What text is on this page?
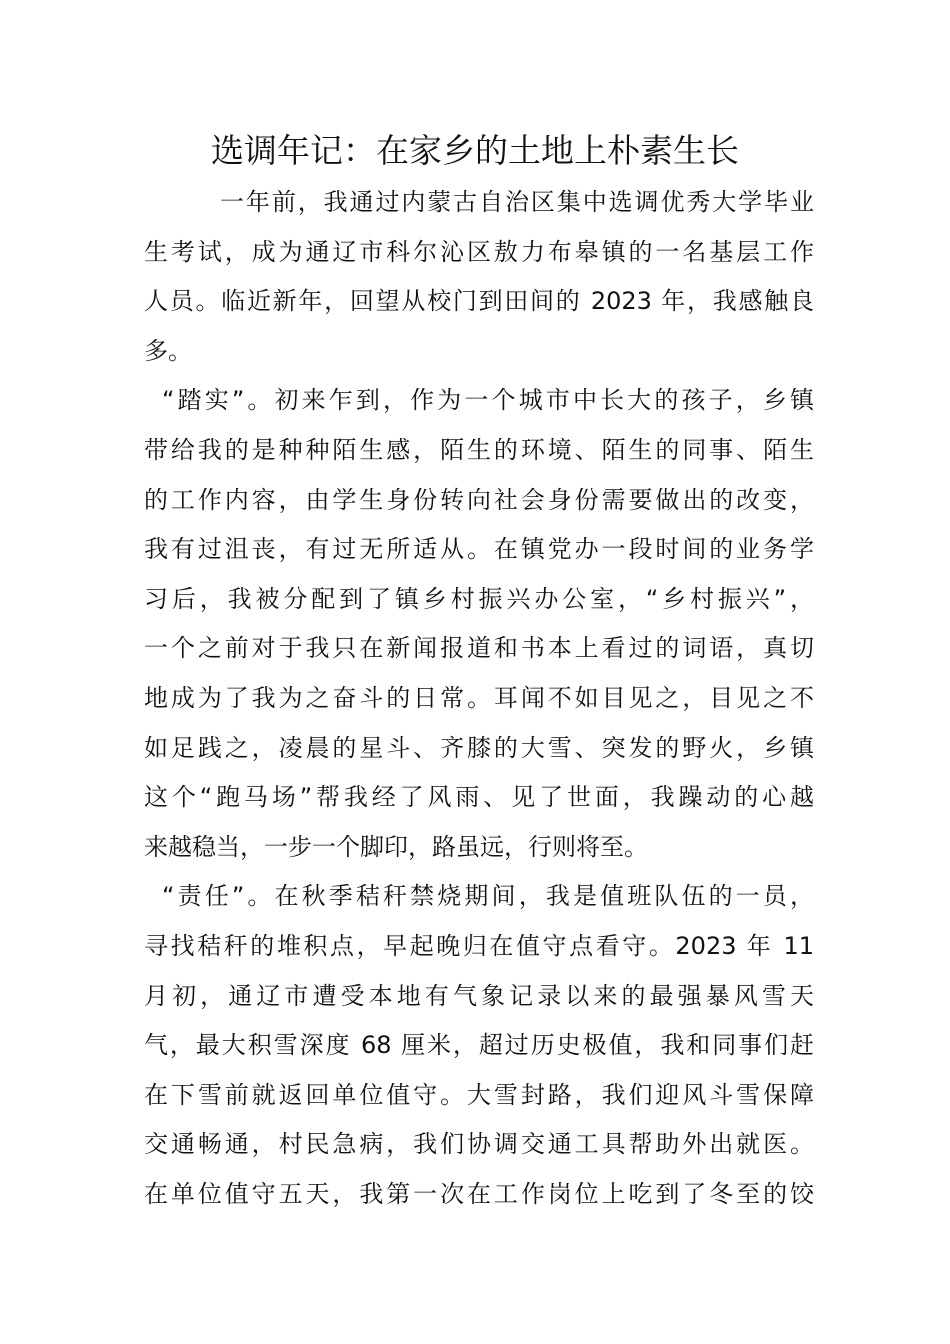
选调年记：在家乡的土地上朴素生长
一年前，我通过内蒙古自治区集中选调优秀大学毕业
生考试，成为通辽市科尔沁区敖力布皋镇的一名基层工作
人员。临近新年，回望从校门到田间的 2023 年，我感触良
多。
“踏实”。初来乍到，作为一个城市中长大的孩子，乡镇
带给我的是种种陌生感，陌生的环境、陌生的同事、陌生
的工作内容，由学生身份转向社会身份需要做出的改变，
我有过沮丧，有过无所适从。在镇党办一段时间的业务学
习后，我被分配到了镇乡村振兴办公室，“乡村振兴”，
一个之前对于我只在新闻报道和书本上看过的词语，真切
地成为了我为之奋斗的日常。耳闻不如目见之，目见之不
如足践之，凌晨的星斗、齐膝的大雪、突发的野火，乡镇
这个“跑马场”帮我经了风雨、见了世面，我躁动的心越
来越稳当，一步一个脚印，路虽远，行则将至。
“责任”。在秋季秸秆禁烧期间，我是值班队伍的一员，
寻找秸秆的堆积点，早起晚归在值守点看守。2023 年 11
月初，通辽市遭受本地有气象记录以来的最强暴风雪天
气，最大积雪深度 68 厘米，超过历史极值，我和同事们赶
在下雪前就返回单位值守。大雪封路，我们迎风斗雪保障
交通畅通，村民急病，我们协调交通工具帮助外出就医。
在单位值守五天，我第一次在工作岗位上吃到了冬至的饺
